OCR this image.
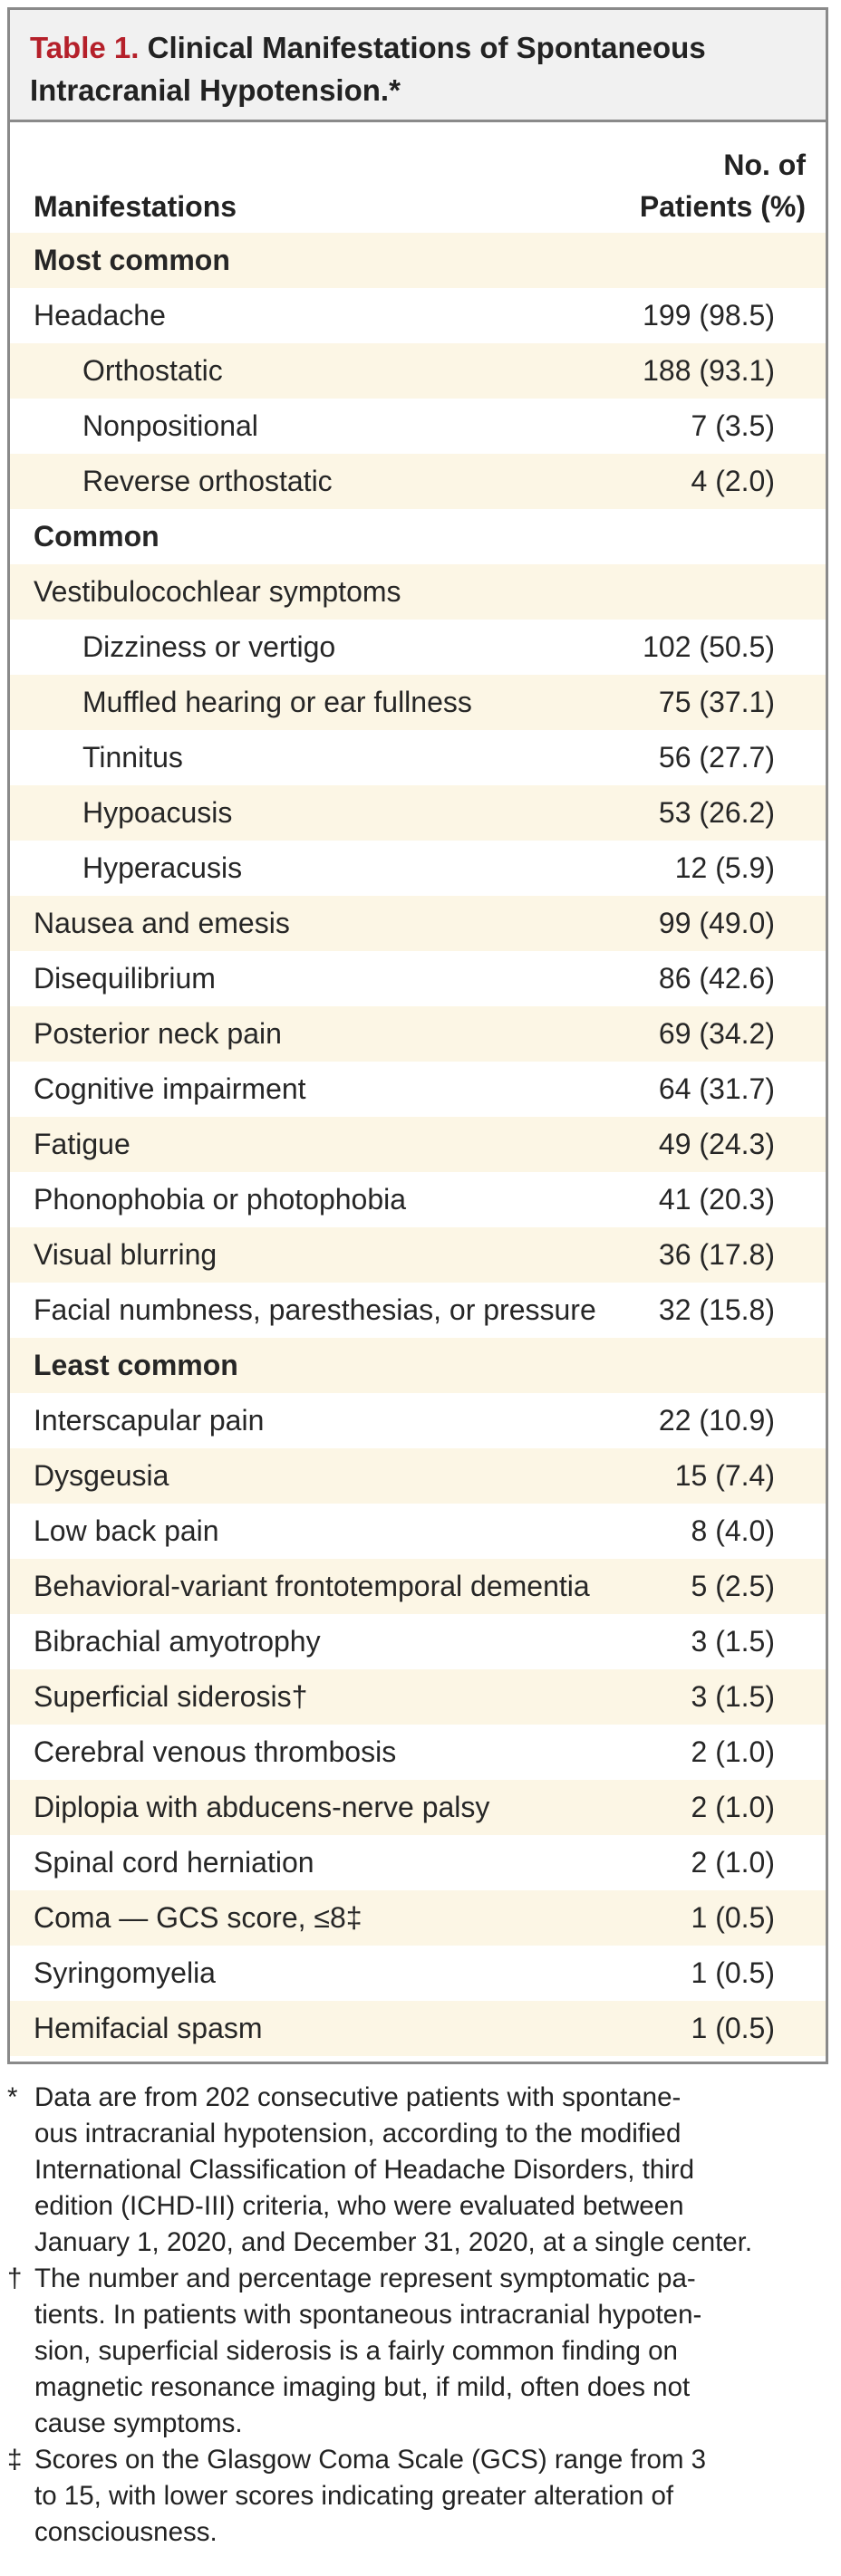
Table 1. Clinical Manifestations of Spontaneous
Intracranial Hypotension.*
Manifestations
No. of
Patients (%)
Most common
Headache	199 (98.5)
Orthostatic	188 (93.1)
Nonpositional	7 (3.5)
Reverse orthostatic	4 (2.0)
Common
Vestibulocochlear symptoms
Dizziness or vertigo	102 (50.5)
Muffled hearing or ear fullness	75 (37.1)
Tinnitus	56 (27.7)
Hypoacusis	53 (26.2)
Hyperacusis	12 (5.9)
Nausea and emesis	99 (49.0)
Disequilibrium	86 (42.6)
Posterior neck pain	69 (34.2)
Cognitive impairment	64 (31.7)
Fatigue	49 (24.3)
Phonophobia or photophobia	41 (20.3)
Visual blurring	36 (17.8)
Facial numbness, paresthesias, or pressure 32 (15.8)
Least common
Interscapular pain	22 (10.9)
Dysgeusia	15 (7.4)
Low back pain	8 (4.0)
Behavioral-variant frontotemporal dementia	5 (2.5)
Bibrachial amyotrophy	3 (1.5)
Superficial siderosis†	3 (1.5)
Cerebral venous thrombosis	2 (1.0)
Diplopia with abducens-nerve palsy	2 (1.0)
Spinal cord herniation	2 (1.0)
Coma — GCS score, ≤8‡	1 (0.5)
Syringomyelia	1 (0.5)
Hemifacial spasm	1 (0.5)
* Data are from 202 consecutive patients with spontane-
ous intracranial hypotension, according to the modified
International Classification of Headache Disorders, third
edition (ICHD-III) criteria, who were evaluated between
January 1, 2020, and December 31, 2020, at a single center.
† The number and percentage represent symptomatic pa-
tients. In patients with spontaneous intracranial hypoten-
sion, superficial siderosis is a fairly common finding on
magnetic resonance imaging but, if mild, often does not
cause symptoms.
‡ Scores on the Glasgow Coma Scale (GCS) range from 3
to 15, with lower scores indicating greater alteration of
consciousness.
